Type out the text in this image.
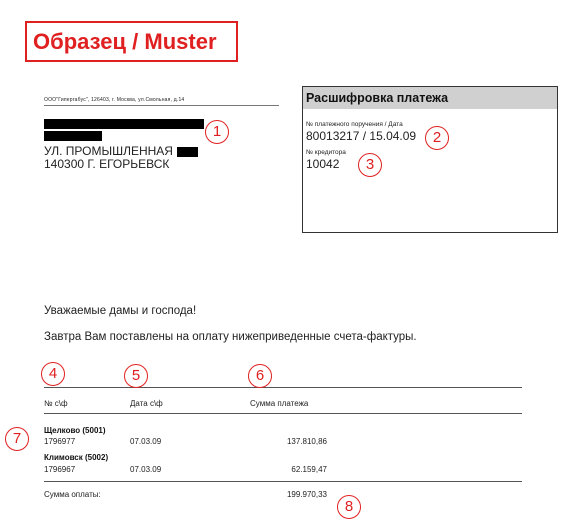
Образец / Muster
ООО"Гипергабус", 126403, г. Москва, ул.Смольная, д.14
УЛ. ПРОМЫШЛЕННАЯ
140300 Г. ЕГОРЬЕВСК
Расшифровка платежа
№ платежного поручения / Дата
80013217 / 15.04.09
№ кредитора
10042
Уважаемые дамы и господа!
Завтра Вам поставлены на оплату нижеприведенные счета-фактуры.
№ с\ф	Дата с\ф	Сумма платежа
Щелково (5001)
1796977	07.03.09	137.810,86
Климовск (5002)
1796967	07.03.09	62.159,47
Сумма оплаты:	199.970,33
1	2
3
4	5	6
7
8
